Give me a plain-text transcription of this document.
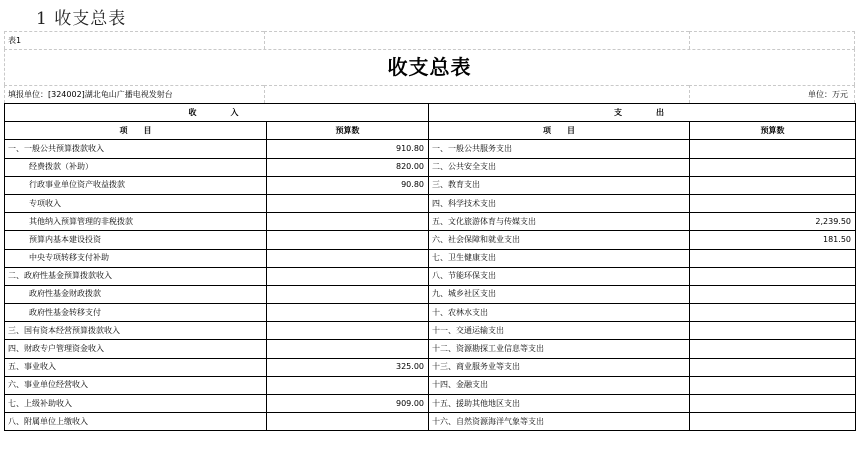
1 收支总表
表1
收支总表
填报单位：[324002]湖北龟山广播电视发射台	单位：万元
收　　入		支　　出	
项　　目	预算数	项　　目	预算数
一、一般公共预算拨款收入	910.80	一、一般公共服务支出	
经费拨款（补助）	820.00	二、公共安全支出	
行政事业单位资产收益拨款	90.80	三、教育支出	
专项收入		四、科学技术支出	
其他纳入预算管理的非税拨款		五、文化旅游体育与传媒支出	2,239.50
预算内基本建设投资		六、社会保障和就业支出	181.50
中央专项转移支付补助		七、卫生健康支出	
二、政府性基金预算拨款收入		八、节能环保支出	
政府性基金财政拨款		九、城乡社区支出	
政府性基金转移支付		十、农林水支出	
三、国有资本经营预算拨款收入		十一、交通运输支出	
四、财政专户管理资金收入		十二、资源勘探工业信息等支出	
五、事业收入	325.00	十三、商业服务业等支出	
六、事业单位经营收入		十四、金融支出	
七、上级补助收入	909.00	十五、援助其他地区支出	
八、附属单位上缴收入		十六、自然资源海洋气象等支出	
